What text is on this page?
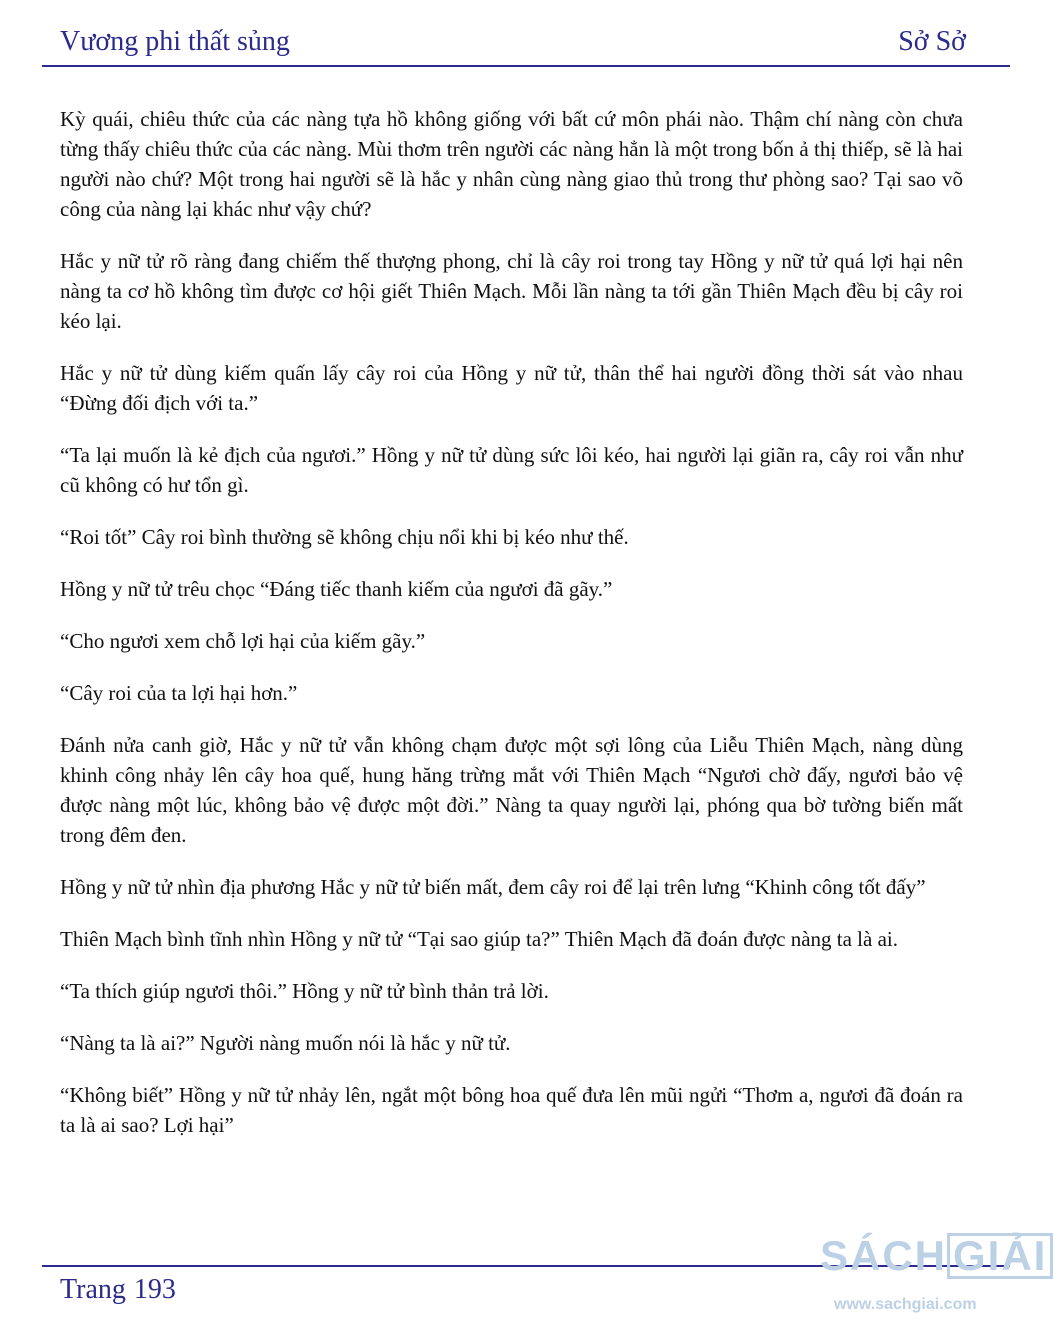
Vương phi thất sủng	Sở Sở

Kỳ quái, chiêu thức của các nàng tựa hồ không giống với bất cứ môn phái nào. Thậm chí nàng còn chưa từng thấy chiêu thức của các nàng. Mùi thơm trên người các nàng hẳn là một trong bốn ả thị thiếp, sẽ là hai người nào chứ? Một trong hai người sẽ là hắc y nhân cùng nàng giao thủ trong thư phòng sao? Tại sao võ công của nàng lại khác như vậy chứ?

Hắc y nữ tử rõ ràng đang chiếm thế thượng phong, chỉ là cây roi trong tay Hồng y nữ tử quá lợi hại nên nàng ta cơ hồ không tìm được cơ hội giết Thiên Mạch. Mỗi lần nàng ta tới gần Thiên Mạch đều bị cây roi kéo lại.

Hắc y nữ tử dùng kiếm quấn lấy cây roi của Hồng y nữ tử, thân thể hai người đồng thời sát vào nhau “Đừng đối địch với ta.”

“Ta lại muốn là kẻ địch của ngươi.” Hồng y nữ tử dùng sức lôi kéo, hai người lại giãn ra, cây roi vẫn như cũ không có hư tổn gì.

“Roi tốt” Cây roi bình thường sẽ không chịu nổi khi bị kéo như thế.

Hồng y nữ tử trêu chọc “Đáng tiếc thanh kiếm của ngươi đã gãy.”

“Cho ngươi xem chỗ lợi hại của kiếm gãy.”

“Cây roi của ta lợi hại hơn.”

Đánh nửa canh giờ, Hắc y nữ tử vẫn không chạm được một sợi lông của Liễu Thiên Mạch, nàng dùng khinh công nhảy lên cây hoa quế, hung hăng trừng mắt với Thiên Mạch “Ngươi chờ đấy, ngươi bảo vệ được nàng một lúc, không bảo vệ được một đời.” Nàng ta quay người lại, phóng qua bờ tường biến mất trong đêm đen.

Hồng y nữ tử nhìn địa phương Hắc y nữ tử biến mất, đem cây roi để lại trên lưng “Khinh công tốt đấy”

Thiên Mạch bình tĩnh nhìn Hồng y nữ tử “Tại sao giúp ta?” Thiên Mạch đã đoán được nàng ta là ai.

“Ta thích giúp ngươi thôi.” Hồng y nữ tử bình thản trả lời.

“Nàng ta là ai?” Người nàng muốn nói là hắc y nữ tử.

“Không biết” Hồng y nữ tử nhảy lên, ngắt một bông hoa quế đưa lên mũi ngửi “Thơm a, ngươi đã đoán ra ta là ai sao? Lợi hại”

Trang 193
SÁCH GIẢI
www.sachgiai.com
